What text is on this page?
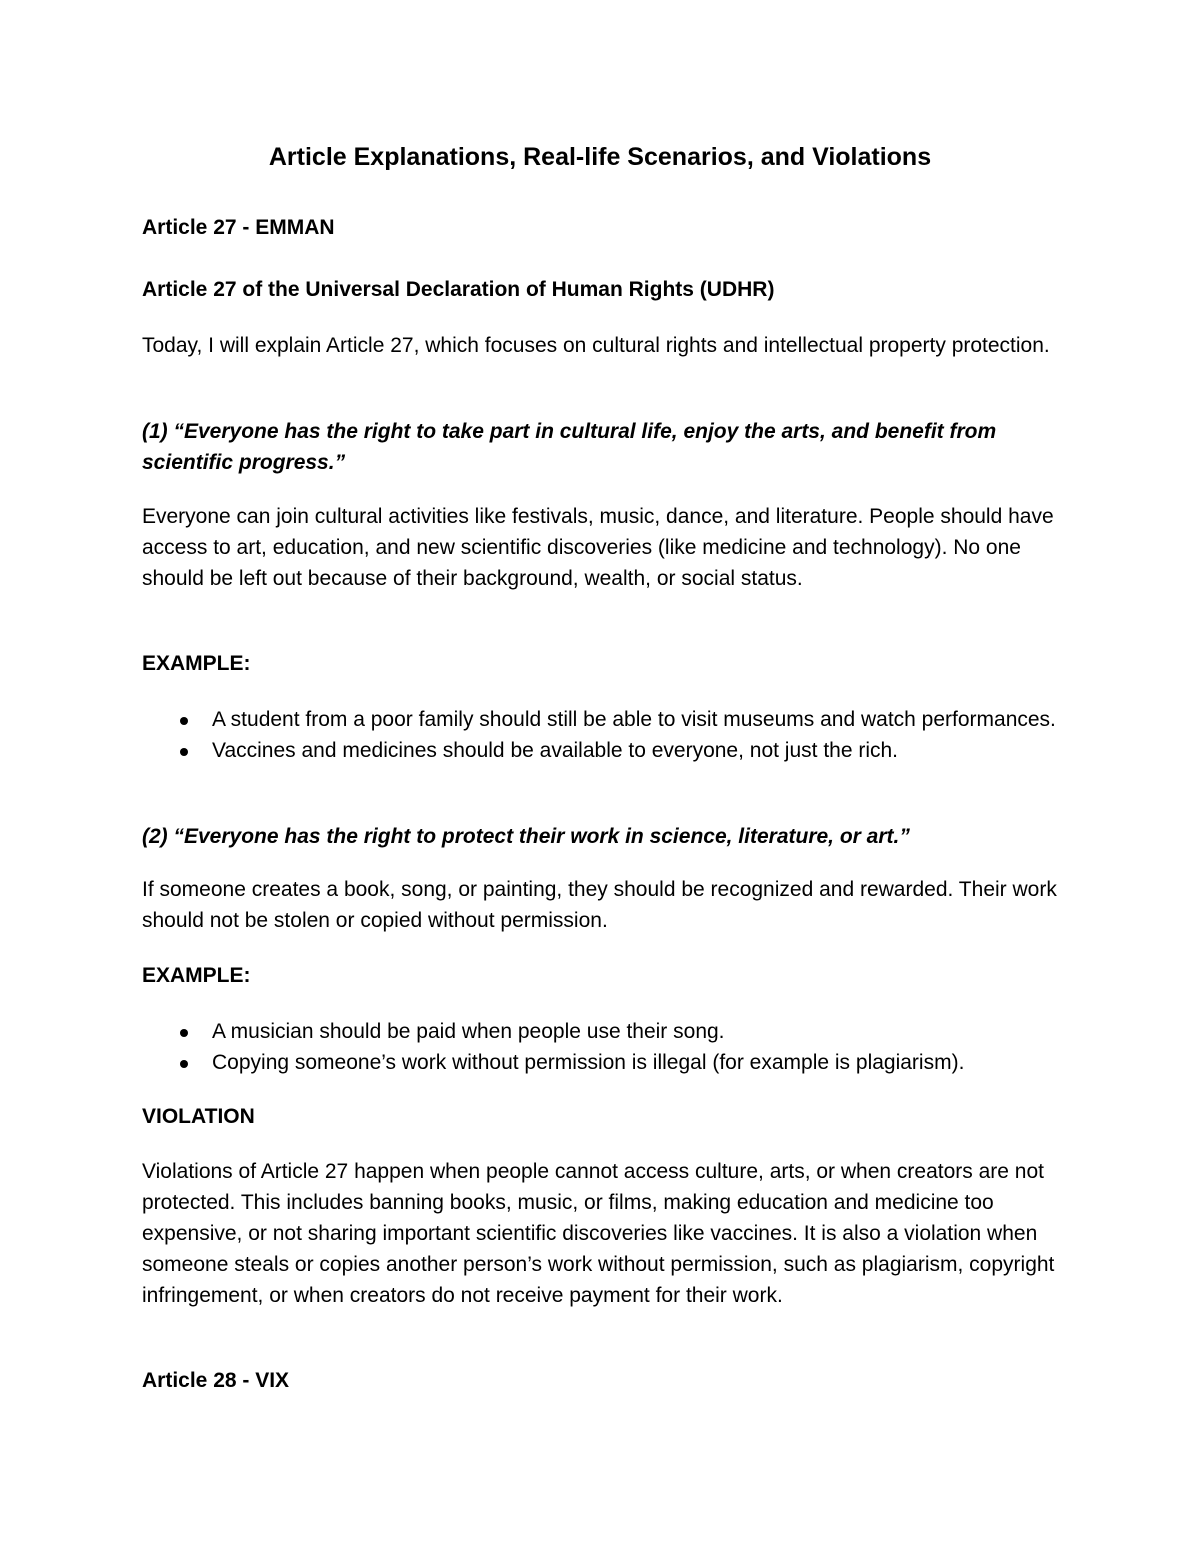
Article Explanations, Real-life Scenarios, and Violations

Article 27 - EMMAN

Article 27 of the Universal Declaration of Human Rights (UDHR)

Today, I will explain Article 27, which focuses on cultural rights and intellectual property protection.

(1) “Everyone has the right to take part in cultural life, enjoy the arts, and benefit from scientific progress.”

Everyone can join cultural activities like festivals, music, dance, and literature. People should have access to art, education, and new scientific discoveries (like medicine and technology). No one should be left out because of their background, wealth, or social status.

EXAMPLE:

A student from a poor family should still be able to visit museums and watch performances.
Vaccines and medicines should be available to everyone, not just the rich.

(2) “Everyone has the right to protect their work in science, literature, or art.”

If someone creates a book, song, or painting, they should be recognized and rewarded. Their work should not be stolen or copied without permission.

EXAMPLE:

A musician should be paid when people use their song.
Copying someone’s work without permission is illegal (for example is plagiarism).

VIOLATION

Violations of Article 27 happen when people cannot access culture, arts, or when creators are not protected. This includes banning books, music, or films, making education and medicine too expensive, or not sharing important scientific discoveries like vaccines. It is also a violation when someone steals or copies another person’s work without permission, such as plagiarism, copyright infringement, or when creators do not receive payment for their work.

Article 28 - VIX
